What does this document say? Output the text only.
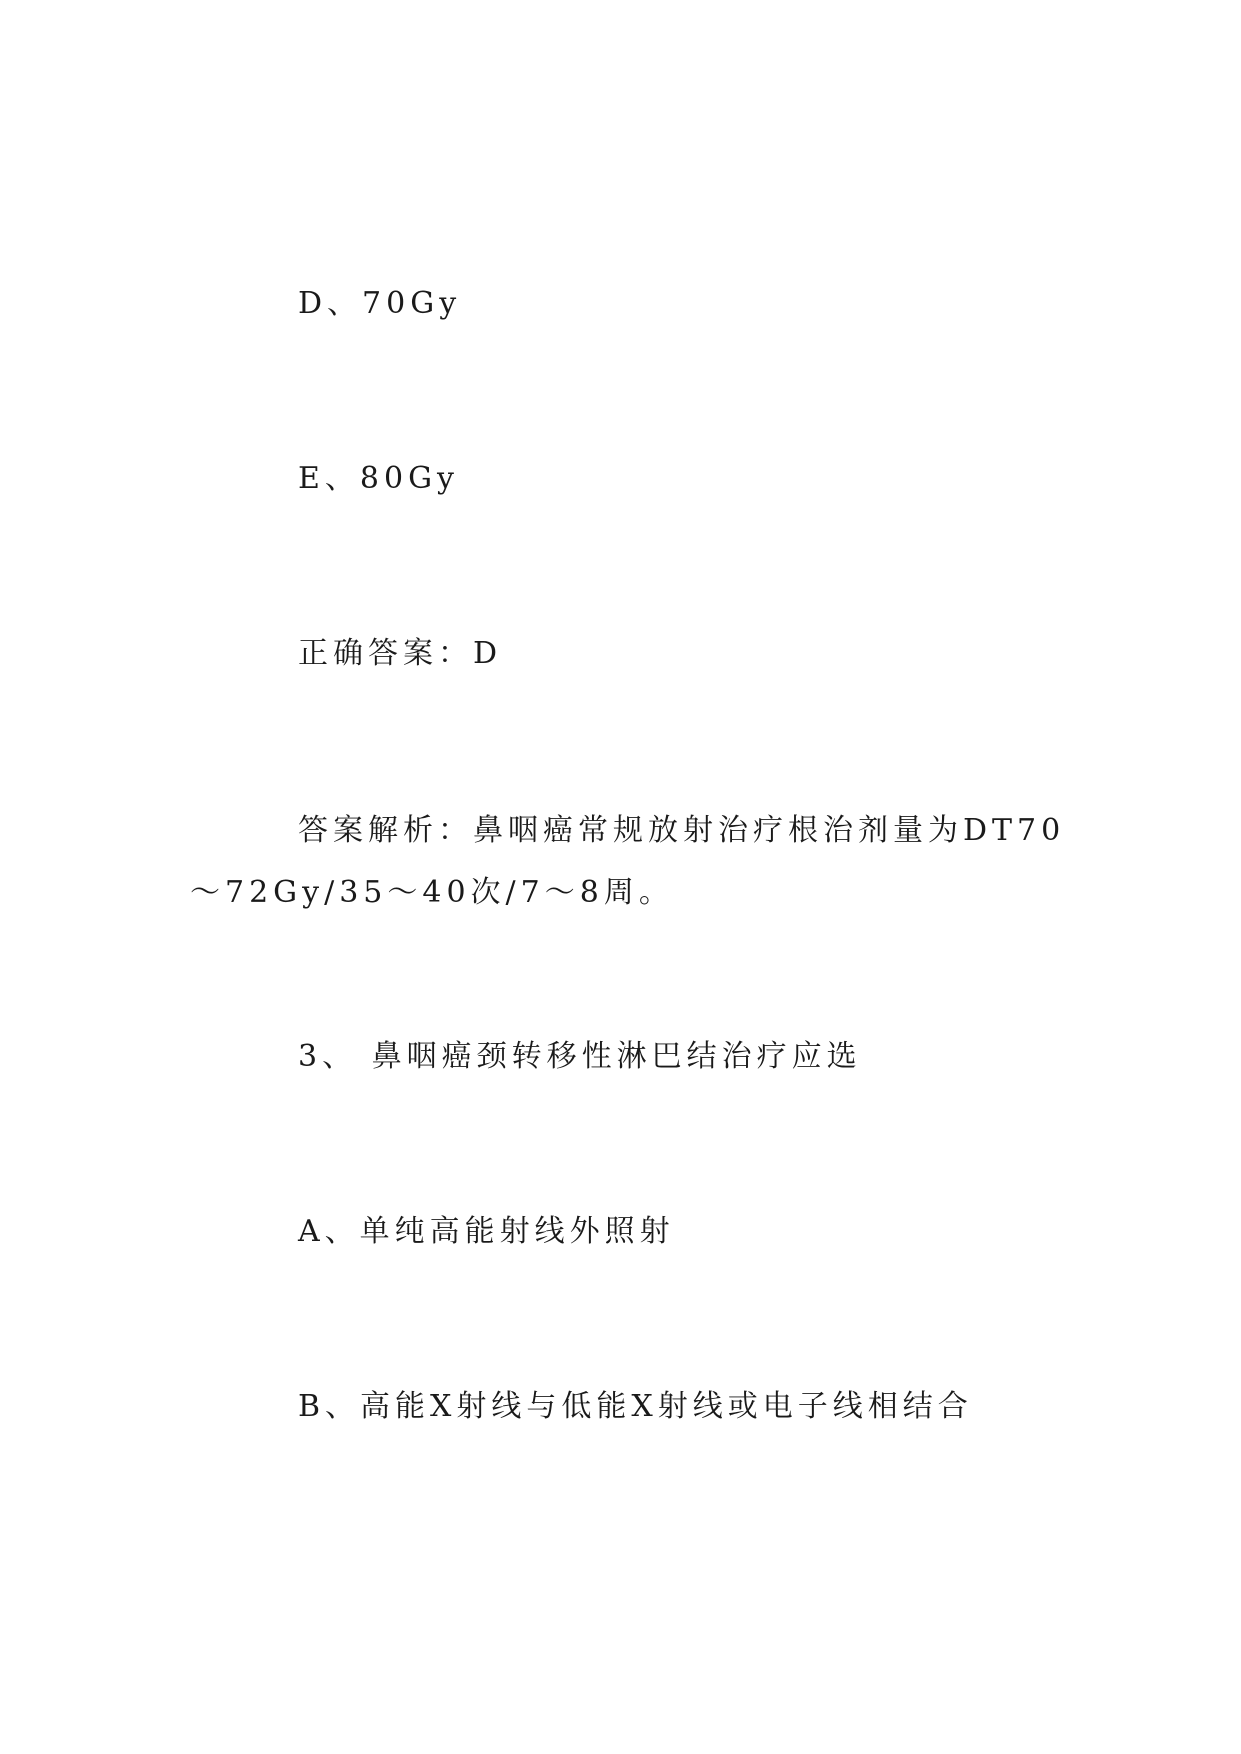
D、70Gy
E、80Gy
正确答案：D
答案解析：鼻咽癌常规放射治疗根治剂量为DT70～72Gy/35～40次/7～8周。
3、 鼻咽癌颈转移性淋巴结治疗应选
A、单纯高能射线外照射
B、高能X射线与低能X射线或电子线相结合
